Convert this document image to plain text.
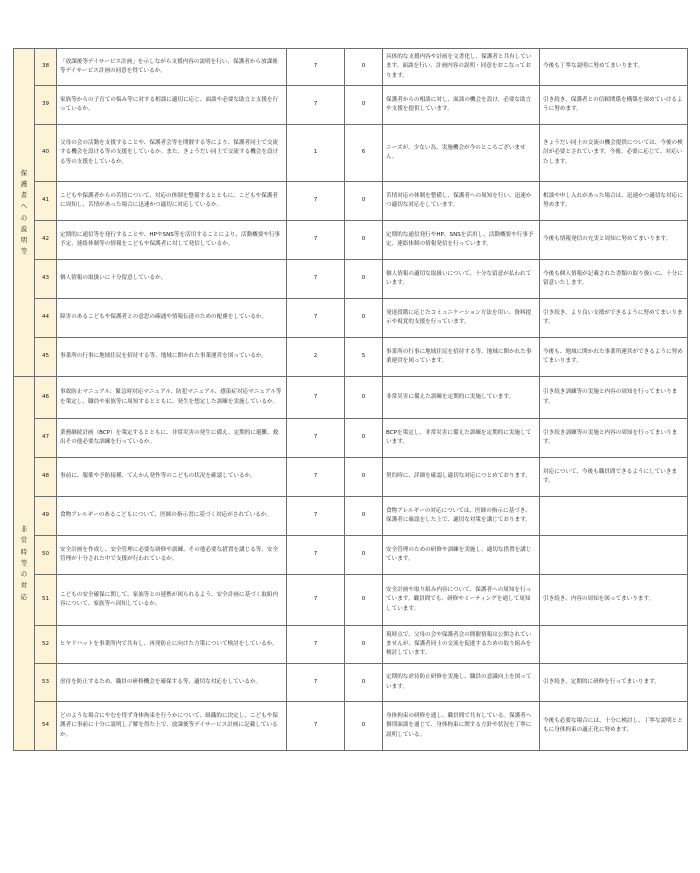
保護者への説明等	38	「放課後等デイサービス計画」を示しながら支援内容の説明を行い、保護者から放課後等デイサービス計画の同意を得ているか。	7	0	具体的な支援内容や計画を文書化し、保護者と共有しています。面談を行い、計画内容の説明・同意をおこなっております。	今後も丁寧な説明に努めてまいります。
	39	家族等からの子育ての悩み等に対する相談に適切に応じ、面談や必要な助言と支援を行っているか。	7	0	保護者からの相談に対し、面談の機会を設け、必要な助言や支援を提供しています。	引き続き、保護者との信頼関係を構築を深めていけるように努めます。
	40	父母の会の活動を支援することや、保護者会等を開催する等により、保護者同士で交流する機会を設ける等の支援をしているか。また、きょうだい同士で交流する機会を設ける等の支援をしているか。	1	6	ニーズが、少ない為、実施機会が今のところございません。	きょうだい同士の交流の機会提供については、今後の検討が必要とされています。今後、必要に応じて、対応いたします。
	41	こどもや保護者からの苦情について、対応の体制を整備するとともに、こどもや保護者に周知し、苦情があった場合に迅速かつ適切に対応しているか。	7	0	苦情対応の体制を整備し、保護者への周知を行い、迅速かつ適切な対応をしています。	相談や申し入れがあった場合は、迅速かつ適切な対応に努めます。
	42	定期的に通信等を発行することや、HPやSNS等を活用することにより、活動概要や行事予定、連絡体制等の情報をこどもや保護者に対して発信しているか。	7	0	定期的な通信発行やHP、SNSを活用し、活動概要や行事予定、連絡体制の情報発信を行っています。	今後も情報発信の充実と周知に努めてまいります。
	43	個人情報の取扱いに十分留意しているか。	7	0	個人情報の適切な取扱いについて、十分な留意が払われています。	今後も個人情報が記載された書類の取り扱いに、十分に留意いたします。
	44	障害のあるこどもや保護者との意思の疎通や情報伝達のための配慮をしているか。	7	0	発達段階に応じたコミュニケーション方法を用い、資料提示や視覚的支援を行っています。	引き続き、より良い支援ができるように努めてまいります。
	45	事業所の行事に地域住民を招待する等、地域に開かれた事業運営を図っているか。	2	5	事業所の行事に地域住民を招待する等、地域に開かれた事業運営を図っています。	今後も、地域に開かれた事業所運営ができるように努めてまいります。
非常時等の対応	46	事故防止マニュアル、緊急時対応マニュアル、防犯マニュアル、感染症対応マニュアル等を策定し、職員や家族等に周知するとともに、発生を想定した訓練を実施しているか。	7	0	非常災害に備えた訓練を定期的に実施しています。	引き続き訓練等の実施と内容の周知を行ってまいります。
	47	業務継続計画（BCP）を策定するとともに、非常災害の発生に備え、定期的に避難、救出その他必要な訓練を行っているか。	7	0	BCPを策定し、非常災害に備えた訓練を定期的に実施しています。	引き続き訓練等の実施と内容の周知を行ってまいります。
	48	事前に、服薬や予防接種、てんかん発作等のこどもの状況を確認しているか。	7	0	契約時に、詳細を確認し適切な対応につとめております。	対応について、今後も職員間できるようにしていきます。
	49	食物アレルギーのあるこどもについて、医師の指示書に基づく対応がされているか。	7	0	食物アレルギーの対応については、医師の指示に基づき、保護者に確認をした上で、適切な対策を講じております。	
	50	安全計画を作成し、安全管理に必要な研修や訓練、その他必要な措置を講じる等、安全管理が十分された中で支援が行われているか。	7	0	安全管理のための研修や訓練を実施し、適切な措置を講じています。	
	51	こどもの安全確保に関して、家族等との連携が図られるよう、安全計画に基づく取組内容について、家族等へ周知しているか。	7	0	安全計画や取り組み内容について、保護者への周知を行っています。職員間でも、研修やミーティングを通して周知しています。	引き続き、内容の周知を図ってまいります。
	52	ヒヤリハットを事業所内で共有し、再発防止に向けた方策について検討をしているか。	7	0	現時点で、父母の会や保護者会の開催情報は公開されていませんが、保護者同士の交流を促進するための取り組みを検討しています。	
	53	虐待を防止するため、職員の研修機会を確保する等、適切な対応をしているか。	7	0	定期的な虐待防止研修を実施し、職員の意識向上を図っています。	引き続き、定期的に研修を行ってまいります。
	54	どのような場合にやむを得ず身体拘束を行うかについて、組織的に決定し、こどもや保護者に事前に十分に説明し了解を得た上で、放課後等デイサービス計画に記載しているか。	7	0	身体拘束の研修を通し、職員間で共有している。保護者へ個別面談を通じて、身体拘束に関する方針や状況を丁寧に説明している。	今後も必要な場合には、十分に検討し、丁寧な説明とともに身体拘束の適正化に努めます。
